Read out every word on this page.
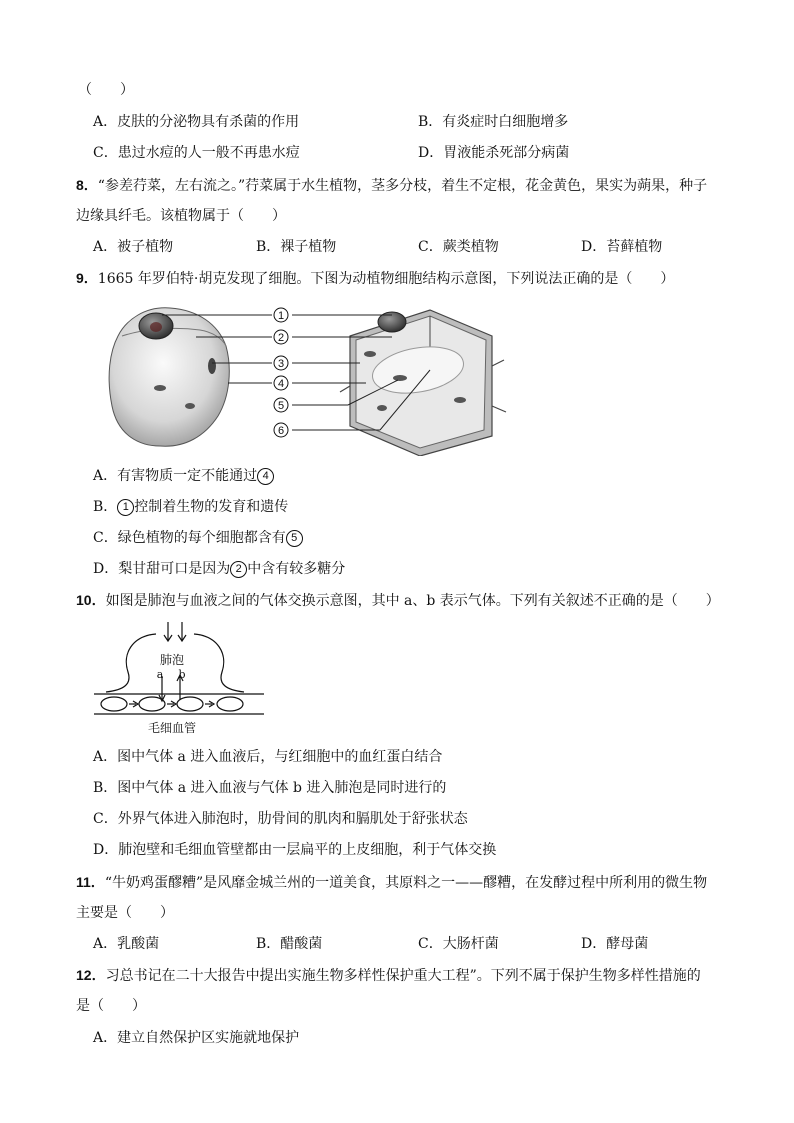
（　　）
A．皮肤的分泌物具有杀菌的作用	B．有炎症时白细胞增多
C．患过水痘的人一般不再患水痘	D．胃液能杀死部分病菌
8．“参差荇菜，左右流之。”荇菜属于水生植物，茎多分枝，着生不定根，花金黄色，果实为蒴果，种子
边缘具纤毛。该植物属于（　　）
A．被子植物	B．裸子植物	C．蕨类植物	D．苔藓植物
9．1665 年罗伯特·胡克发现了细胞。下图为动植物细胞结构示意图，下列说法正确的是（　　）
1
2
3
4
5
6
A．有害物质一定不能通过 4
B． 1 控制着生物的发育和遗传
C．绿色植物的每个细胞都含有 5
D．梨甘甜可口是因为 2 中含有较多糖分
10．如图是肺泡与血液之间的气体交换示意图，其中 a、b 表示气体。下列有关叙述不正确的是（　　）
肺泡
a b
毛细血管
A．图中气体 a 进入血液后，与红细胞中的血红蛋白结合
B．图中气体 a 进入血液与气体 b 进入肺泡是同时进行的
C．外界气体进入肺泡时，肋骨间的肌肉和膈肌处于舒张状态
D．肺泡壁和毛细血管壁都由一层扁平的上皮细胞，利于气体交换
11．“牛奶鸡蛋醪糟”是风靡金城兰州的一道美食，其原料之一——醪糟，在发酵过程中所利用的微生物
主要是（　　）
A．乳酸菌	B．醋酸菌	C．大肠杆菌	D．酵母菌
12．习总书记在二十大报告中提出实施生物多样性保护重大工程”。下列不属于保护生物多样性措施的
是（　　）
A．建立自然保护区实施就地保护
